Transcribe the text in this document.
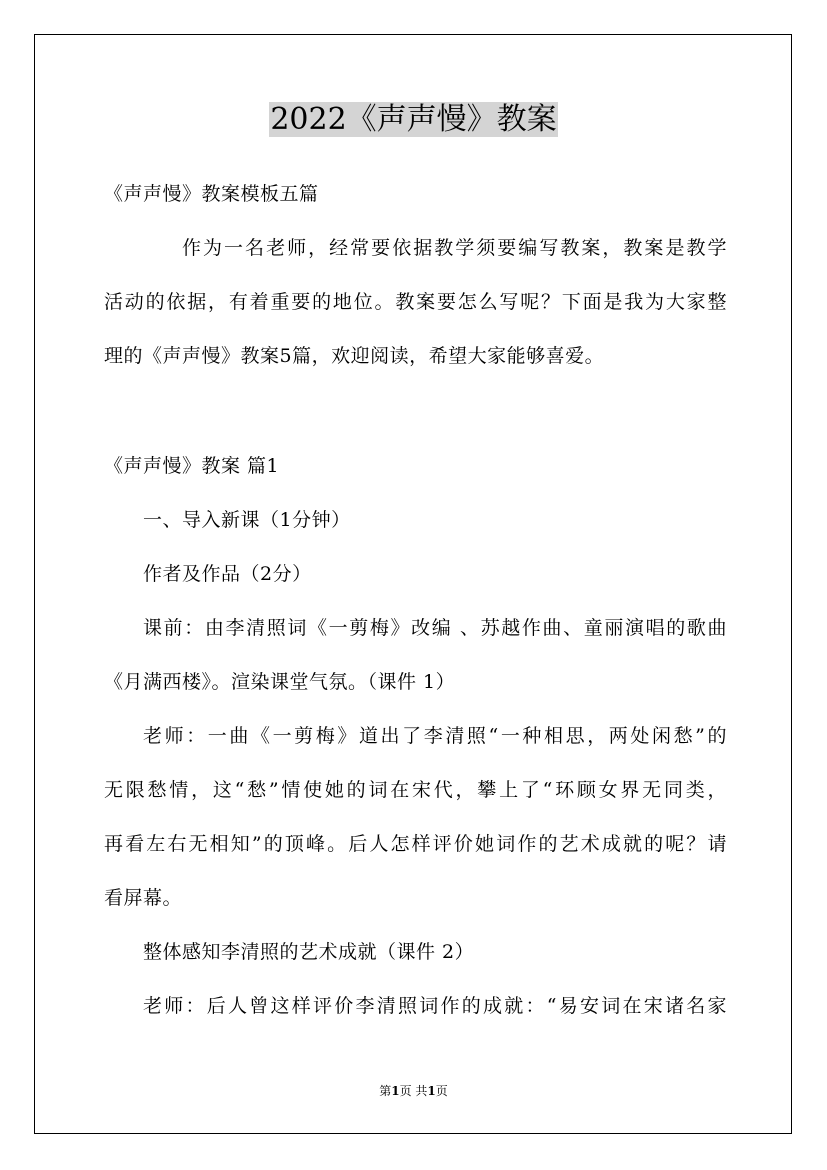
2022《声声慢》教案
《声声慢》教案模板五篇
作为一名老师，经常要依据教学须要编写教案，教案是教学
活动的依据，有着重要的地位。教案要怎么写呢？下面是我为大家整
理的《声声慢》教案5篇，欢迎阅读，希望大家能够喜爱。
《声声慢》教案 篇1
一、导入新课（1分钟）
作者及作品（2分）
课前：由李清照词《一剪梅》改编 、苏越作曲、童丽演唱的歌曲
《月满西楼》。渲染课堂气氛。（课件 1）
老师：一曲《一剪梅》道出了李清照“一种相思，两处闲愁”的
无限愁情，这“愁”情使她的词在宋代，攀上了“环顾女界无同类，
再看左右无相知”的顶峰。后人怎样评价她词作的艺术成就的呢？请
看屏幕。
整体感知李清照的艺术成就（课件 2）
老师：后人曾这样评价李清照词作的成就：“易安词在宋诸名家
第1页 共1页
